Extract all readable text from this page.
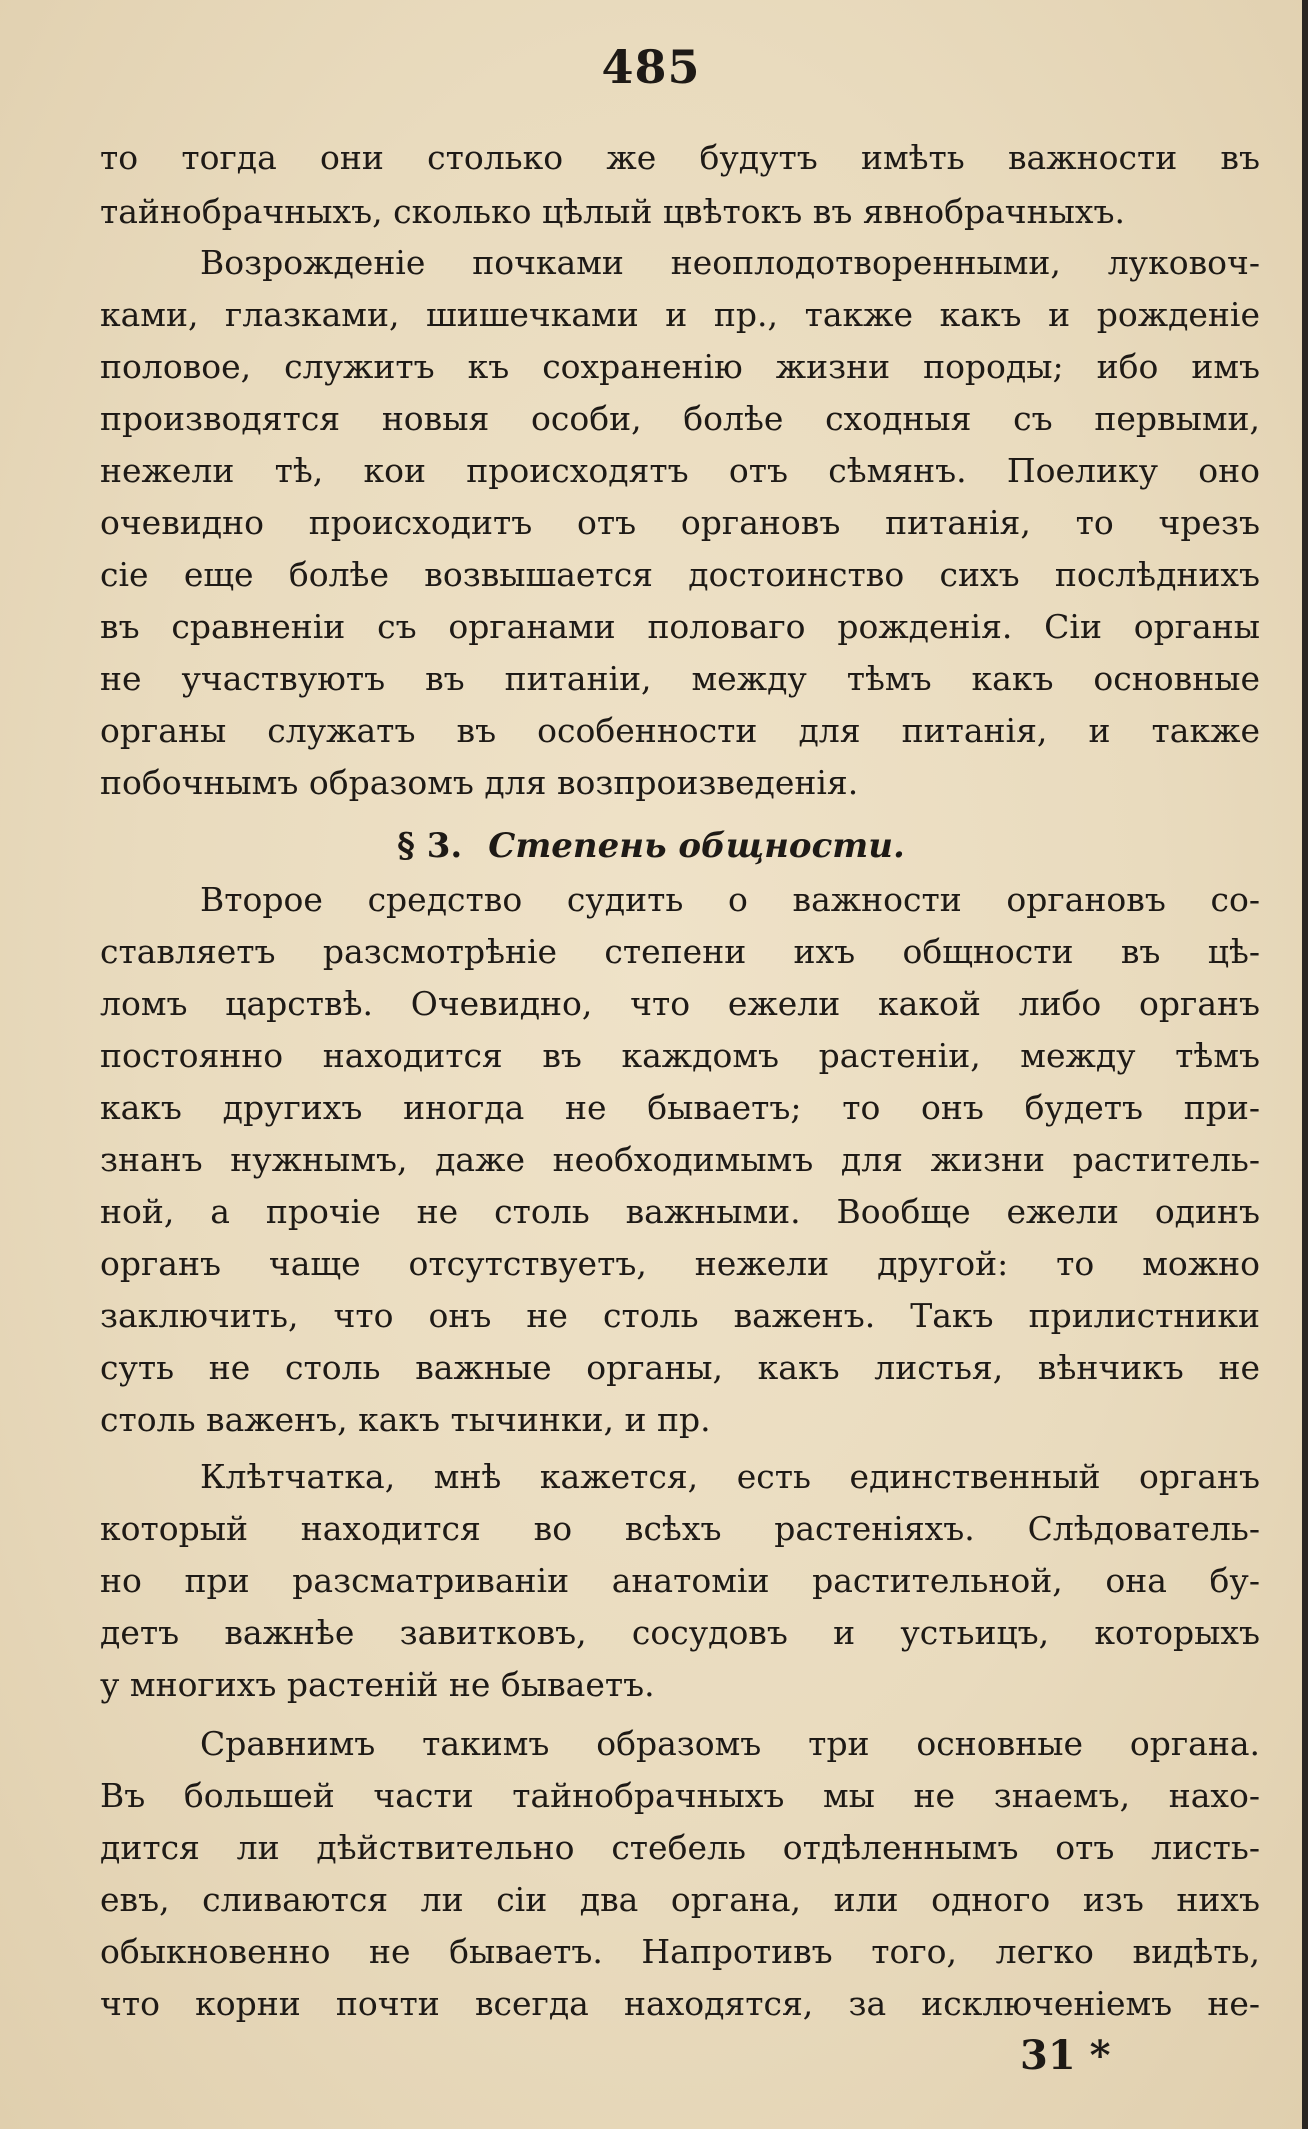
485
то тогда они столько же будутъ имѣть важности въ
тайнобрачныхъ, сколько цѣлый цвѣтокъ въ явнобрачныхъ.
Возрожденіе почками неоплодотворенными, луковоч-
ками, глазками, шишечками и пр., также какъ и рожденіе
половое, служитъ къ сохраненію жизни породы; ибо имъ
производятся новыя особи, болѣе сходныя съ первыми,
нежели тѣ, кои происходятъ отъ сѣмянъ. Поелику оно
очевидно происходитъ отъ органовъ питанія, то чрезъ
сіе еще болѣе возвышается достоинство сихъ послѣднихъ
въ сравненіи съ органами половаго рожденія. Сіи органы
не участвуютъ въ питаніи, между тѣмъ какъ основные
органы служатъ въ особенности для питанія, и также
побочнымъ образомъ для возпроизведенія.
§ 3. Степень общности.
Второе средство судить о важности органовъ со-
ставляетъ разсмотрѣніе степени ихъ общности въ цѣ-
ломъ царствѣ. Очевидно, что ежели какой либо органъ
постоянно находится въ каждомъ растеніи, между тѣмъ
какъ другихъ иногда не бываетъ; то онъ будетъ при-
знанъ нужнымъ, даже необходимымъ для жизни раститель-
ной, а прочіе не столь важными. Вообще ежели одинъ
органъ чаще отсутствуетъ, нежели другой: то можно
заключить, что онъ не столь важенъ. Такъ прилистники
суть не столь важные органы, какъ листья, вѣнчикъ не
столь важенъ, какъ тычинки, и пр.
Клѣтчатка, мнѣ кажется, есть единственный органъ
который находится во всѣхъ растеніяхъ. Слѣдователь-
но при разсматриваніи анатоміи растительной, она бу-
детъ важнѣе завитковъ, сосудовъ и устьицъ, которыхъ
у многихъ растеній не бываетъ.
Сравнимъ такимъ образомъ три основные органа.
Въ большей части тайнобрачныхъ мы не знаемъ, нахо-
дится ли дѣйствительно стебель отдѣленнымъ отъ листь-
евъ, сливаются ли сіи два органа, или одного изъ нихъ
обыкновенно не бываетъ. Напротивъ того, легко видѣть,
что корни почти всегда находятся, за исключеніемъ не-
31 *
